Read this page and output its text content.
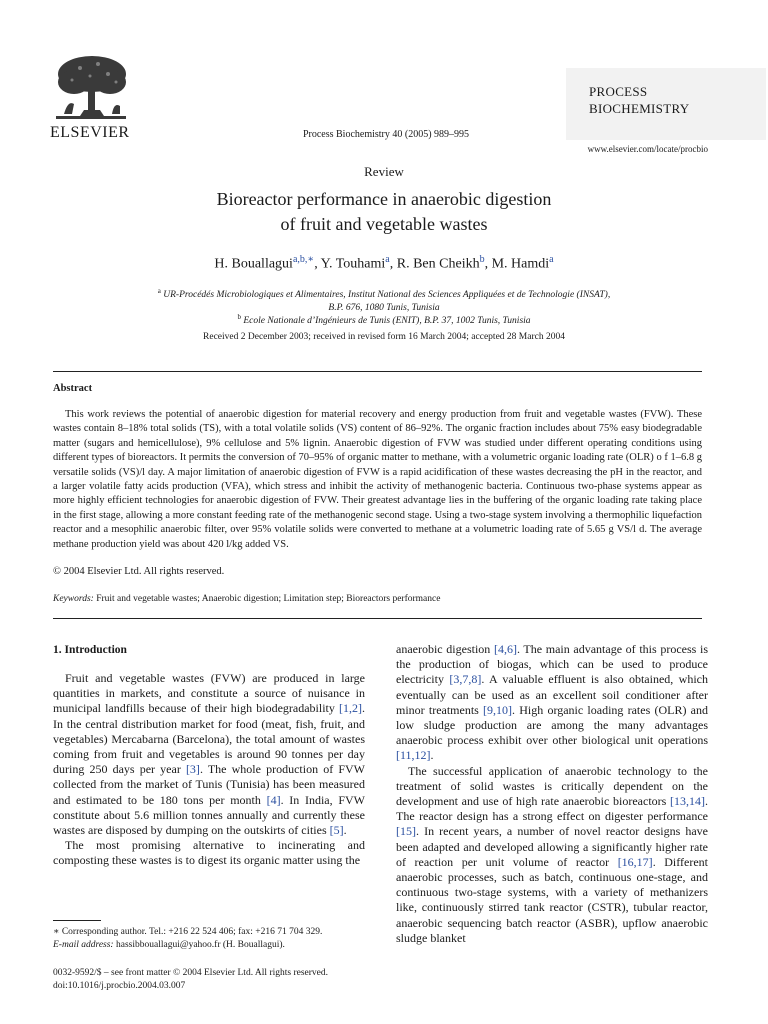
ELSEVIER	Process Biochemistry 40 (2005) 989–995
PROCESS
BIOCHEMISTRY
www.elsevier.com/locate/procbio
Review
Bioreactor performance in anaerobic digestion
of fruit and vegetable wastes
H. Bouallagui$^{a,b,∗}$, Y. Touhami$^a$, R. Ben Cheikh$^b$, M. Hamdi$^a$
$^a$ UR-Procédés Microbiologiques et Alimentaires, Institut National des Sciences Appliquées et de Technologie (INSAT),
B.P. 676, 1080 Tunis, Tunisia
$^b$ Ecole Nationale d’Ingénieurs de Tunis (ENIT), B.P. 37, 1002 Tunis, Tunisia
Received 2 December 2003; received in revised form 16 March 2004; accepted 28 March 2004
Abstract

This work reviews the potential of anaerobic digestion for material recovery and energy production from fruit and vegetable wastes (FVW). These wastes contain 8–18% total solids (TS), with a total volatile solids (VS) content of 86–92%. The organic fraction includes about 75% easy biodegradable matter (sugars and hemicellulose), 9% cellulose and 5% lignin. Anaerobic digestion of FVW was studied under different operating conditions using different types of bioreactors. It permits the conversion of 70–95% of organic matter to methane, with a volumetric organic loading rate (OLR) o f 1–6.8 g versatile solids (VS)/l day. A major limitation of anaerobic digestion of FVW is a rapid acidification of these wastes decreasing the pH in the reactor, and a larger volatile fatty acids production (VFA), which stress and inhibit the activity of methanogenic bacteria. Continuous two-phase systems appear as more highly efficient technologies for anaerobic digestion of FVW. Their greatest advantage lies in the buffering of the organic loading rate taking place in the first stage, allowing a more constant feeding rate of the methanogenic second stage. Using a two-stage system involving a thermophilic liquefaction reactor and a mesophilic anaerobic filter, over 95% volatile solids were converted to methane at a volumetric loading rate of 5.65 g VS/l d. The average methane production yield was about 420 l/kg added VS.

© 2004 Elsevier Ltd. All rights reserved.
Keywords: Fruit and vegetable wastes; Anaerobic digestion; Limitation step; Bioreactors performance
1. Introduction

Fruit and vegetable wastes (FVW) are produced in large quantities in markets, and constitute a source of nuisance in municipal landfills because of their high biodegradability [1,2]. In the central distribution market for food (meat, fish, fruit, and vegetables) Mercabarna (Barcelona), the total amount of wastes coming from fruit and vegetables is around 90 tonnes per day during 250 days per year [3]. The whole production of FVW collected from the market of Tunis (Tunisia) has been measured and estimated to be 180 tons per month [4]. In India, FVW constitute about 5.6 million tonnes annually and currently these wastes are disposed by dumping on the outskirts of cities [5].

The most promising alternative to incinerating and composting these wastes is to digest its organic matter using the

anaerobic digestion [4,6]. The main advantage of this process is the production of biogas, which can be used to produce electricity [3,7,8]. A valuable effluent is also obtained, which eventually can be used as an excellent soil conditioner after minor treatments [9,10]. High organic loading rates (OLR) and low sludge production are among the many advantages anaerobic process exhibit over other biological unit operations [11,12].

The successful application of anaerobic technology to the treatment of solid wastes is critically dependent on the development and use of high rate anaerobic bioreactors [13,14]. The reactor design has a strong effect on digester performance [15]. In recent years, a number of novel reactor designs have been adapted and developed allowing a significantly higher rate of reaction per unit volume of reactor [16,17]. Different anaerobic processes, such as batch, continuous one-stage, and continuous two-stage systems, with a variety of methanizers like, continuously stirred tank reactor (CSTR), tubular reactor, anaerobic sequencing batch reactor (ASBR), upflow anaerobic sludge blanket

∗ Corresponding author. Tel.: +216 22 524 406; fax: +216 71 704 329.
E-mail address: hassibbouallagui@yahoo.fr (H. Bouallagui).
0032-9592/$ – see front matter © 2004 Elsevier Ltd. All rights reserved.
doi:10.1016/j.procbio.2004.03.007
